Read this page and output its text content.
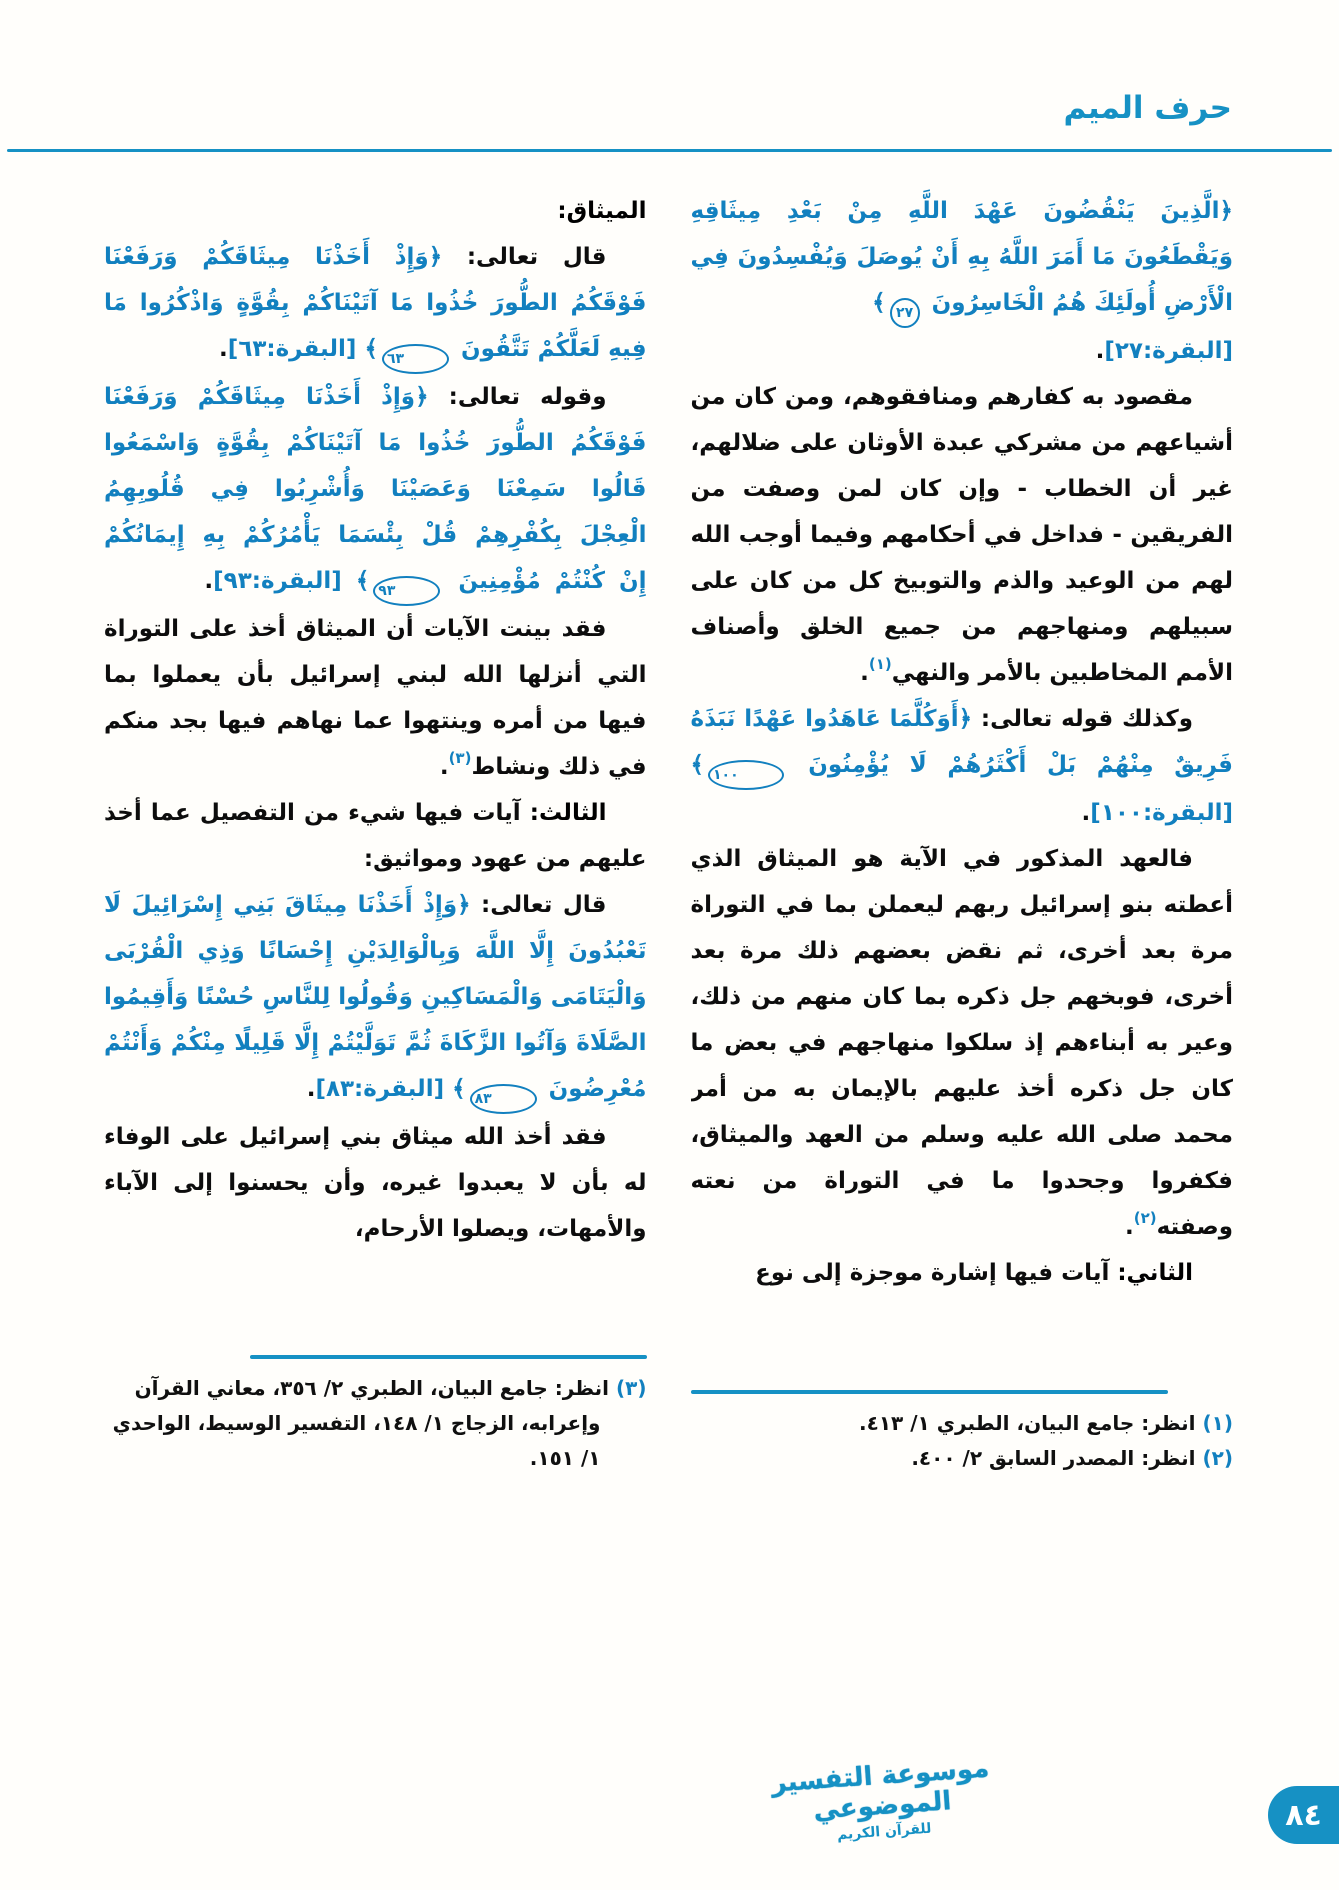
حرف الميم

﴿الَّذِينَ يَنْقُضُونَ عَهْدَ اللَّهِ مِنْ بَعْدِ مِيثَاقِهِ وَيَقْطَعُونَ مَا أَمَرَ اللَّهُ بِهِ أَنْ يُوصَلَ وَيُفْسِدُونَ فِي الْأَرْضِ أُولَئِكَ هُمُ الْخَاسِرُونَ ٢٧﴾

[البقرة:٢٧].

مقصود به كفارهم ومنافقوهم، ومن كان من أشياعهم من مشركي عبدة الأوثان على ضلالهم، غير أن الخطاب - وإن كان لمن وصفت من الفريقين - فداخل في أحكامهم وفيما أوجب الله لهم من الوعيد والذم والتوبيخ كل من كان على سبيلهم ومنهاجهم من جميع الخلق وأصناف الأمم المخاطبين بالأمر والنهي$^{(١)}$.

وكذلك قوله تعالى: ﴿أَوَكُلَّمَا عَاهَدُوا عَهْدًا نَبَذَهُ فَرِيقٌ مِنْهُمْ بَلْ أَكْثَرُهُمْ لَا يُؤْمِنُونَ ١٠٠﴾ [البقرة:١٠٠].

فالعهد المذكور في الآية هو الميثاق الذي أعطته بنو إسرائيل ربهم ليعملن بما في التوراة مرة بعد أخرى، ثم نقض بعضهم ذلك مرة بعد أخرى، فوبخهم جل ذكره بما كان منهم من ذلك، وعير به أبناءهم إذ سلكوا منهاجهم في بعض ما كان جل ذكره أخذ عليهم بالإيمان به من أمر محمد صلى الله عليه وسلم من العهد والميثاق، فكفروا وجحدوا ما في التوراة من نعته وصفته$^{(٢)}$.

الثاني: آيات فيها إشارة موجزة إلى نوع

(١) انظر: جامع البيان، الطبري ١/ ٤١٣.

(٢) انظر: المصدر السابق ٢/ ٤٠٠.

الميثاق:

قال تعالى: ﴿وَإِذْ أَخَذْنَا مِيثَاقَكُمْ وَرَفَعْنَا فَوْقَكُمُ الطُّورَ خُذُوا مَا آتَيْنَاكُمْ بِقُوَّةٍ وَاذْكُرُوا مَا فِيهِ لَعَلَّكُمْ تَتَّقُونَ ٦٣﴾ [البقرة:٦٣].

وقوله تعالى: ﴿وَإِذْ أَخَذْنَا مِيثَاقَكُمْ وَرَفَعْنَا فَوْقَكُمُ الطُّورَ خُذُوا مَا آتَيْنَاكُمْ بِقُوَّةٍ وَاسْمَعُوا قَالُوا سَمِعْنَا وَعَصَيْنَا وَأُشْرِبُوا فِي قُلُوبِهِمُ الْعِجْلَ بِكُفْرِهِمْ قُلْ بِئْسَمَا يَأْمُرُكُمْ بِهِ إِيمَانُكُمْ إِنْ كُنْتُمْ مُؤْمِنِينَ ٩٣﴾ [البقرة:٩٣].

فقد بينت الآيات أن الميثاق أخذ على التوراة التي أنزلها الله لبني إسرائيل بأن يعملوا بما فيها من أمره وينتهوا عما نهاهم فيها بجد منكم في ذلك ونشاط$^{(٣)}$.

الثالث: آيات فيها شيء من التفصيل عما أخذ عليهم من عهود ومواثيق:

قال تعالى: ﴿وَإِذْ أَخَذْنَا مِيثَاقَ بَنِي إِسْرَائِيلَ لَا تَعْبُدُونَ إِلَّا اللَّهَ وَبِالْوَالِدَيْنِ إِحْسَانًا وَذِي الْقُرْبَى وَالْيَتَامَى وَالْمَسَاكِينِ وَقُولُوا لِلنَّاسِ حُسْنًا وَأَقِيمُوا الصَّلَاةَ وَآتُوا الزَّكَاةَ ثُمَّ تَوَلَّيْتُمْ إِلَّا قَلِيلًا مِنْكُمْ وَأَنْتُمْ مُعْرِضُونَ ٨٣﴾ [البقرة:٨٣].

فقد أخذ الله ميثاق بني إسرائيل على الوفاء له بأن لا يعبدوا غيره، وأن يحسنوا إلى الآباء والأمهات، ويصلوا الأرحام،

(٣) انظر: جامع البيان، الطبري ٢/ ٣٥٦، معاني القرآن وإعرابه، الزجاج ١/ ١٤٨، التفسير الوسيط، الواحدي ١/ ١٥١.

موسوعة التفسير الموضوعي
للقرآن الكريم	٨٤
